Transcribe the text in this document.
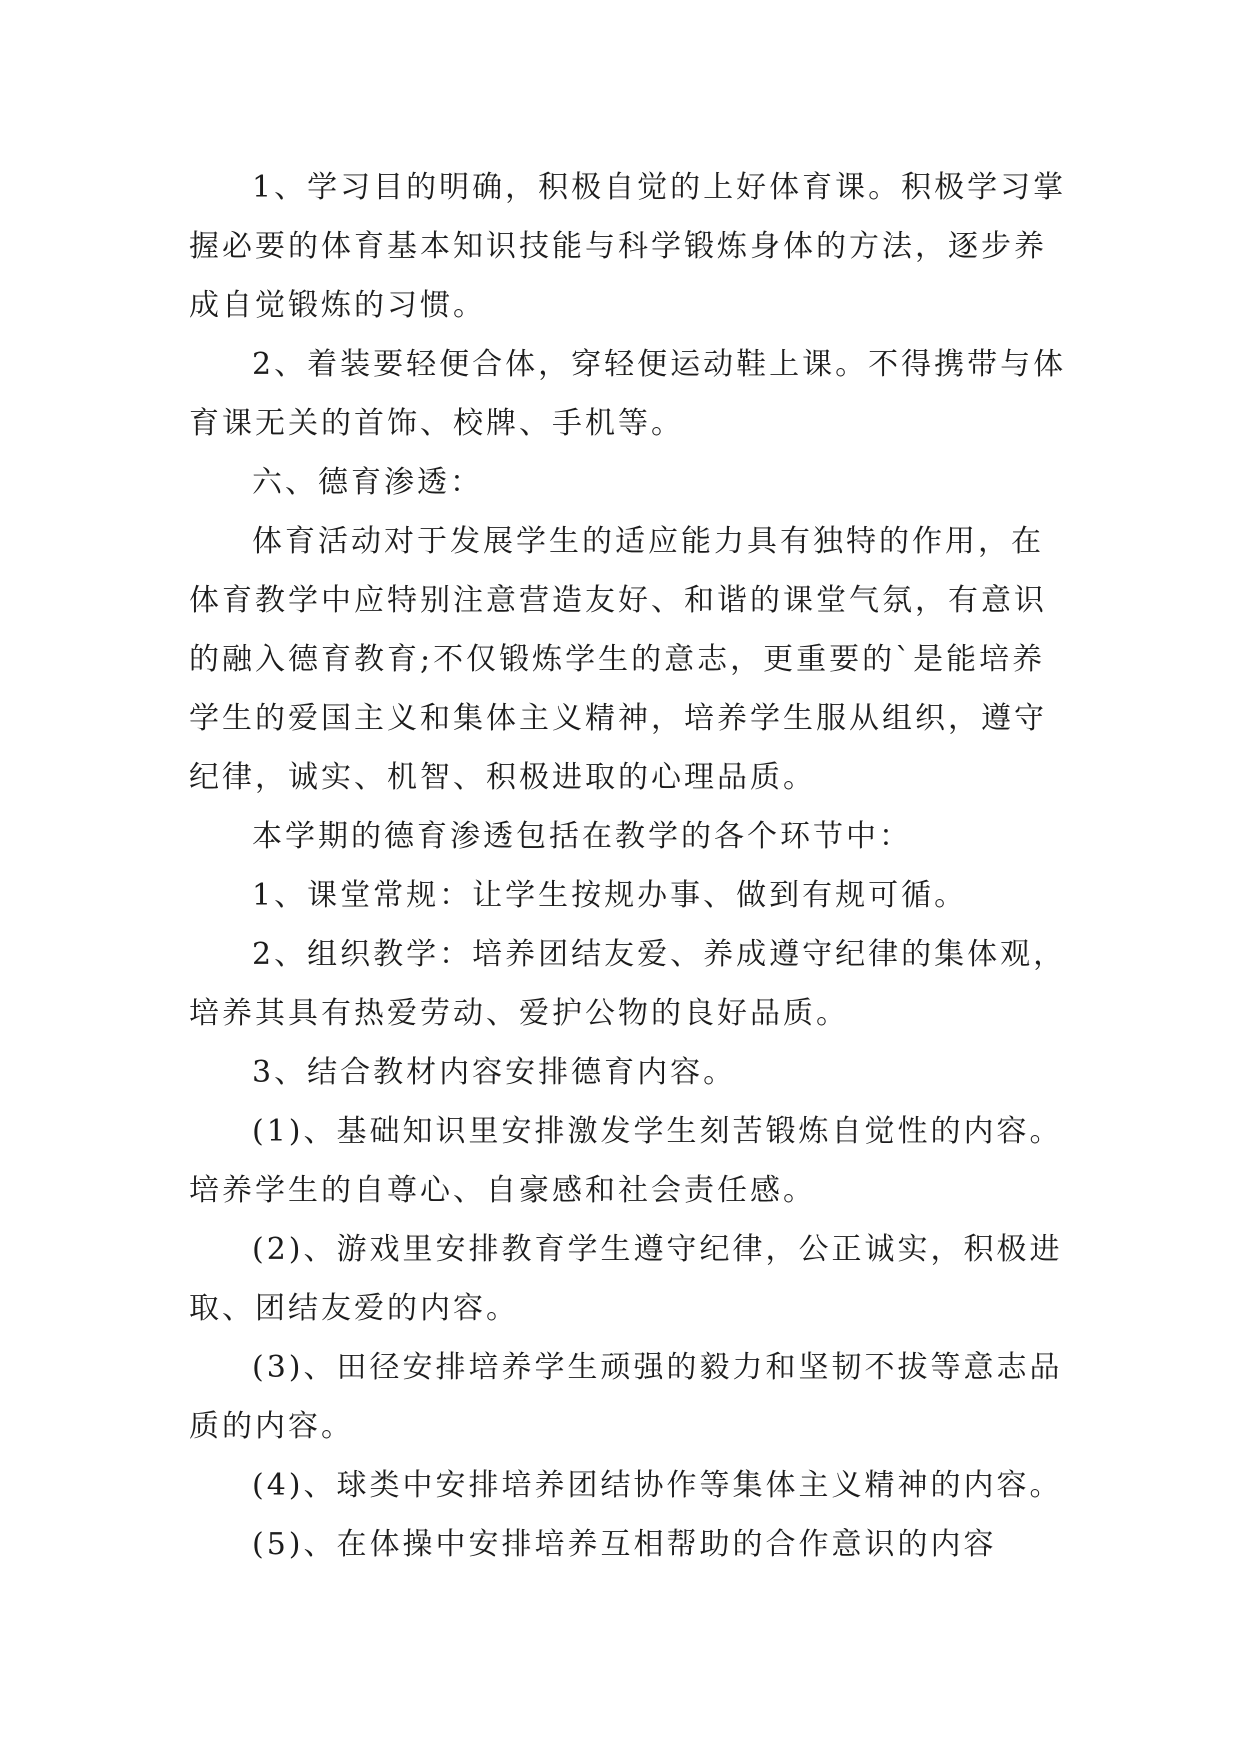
1、学习目的明确，积极自觉的上好体育课。积极学习掌握必要的体育基本知识技能与科学锻炼身体的方法，逐步养成自觉锻炼的习惯。

2、着装要轻便合体，穿轻便运动鞋上课。不得携带与体育课无关的首饰、校牌、手机等。

六、德育渗透：

体育活动对于发展学生的适应能力具有独特的作用，在体育教学中应特别注意营造友好、和谐的课堂气氛，有意识的融入德育教育;不仅锻炼学生的意志，更重要的`是能培养学生的爱国主义和集体主义精神，培养学生服从组织，遵守纪律，诚实、机智、积极进取的心理品质。

本学期的德育渗透包括在教学的各个环节中：

1、课堂常规：让学生按规办事、做到有规可循。

2、组织教学：培养团结友爱、养成遵守纪律的集体观，培养其具有热爱劳动、爱护公物的良好品质。

3、结合教材内容安排德育内容。

(1)、基础知识里安排激发学生刻苦锻炼自觉性的内容。培养学生的自尊心、自豪感和社会责任感。

(2)、游戏里安排教育学生遵守纪律，公正诚实，积极进取、团结友爱的内容。

(3)、田径安排培养学生顽强的毅力和坚韧不拔等意志品质的内容。

(4)、球类中安排培养团结协作等集体主义精神的内容。

(5)、在体操中安排培养互相帮助的合作意识的内容
